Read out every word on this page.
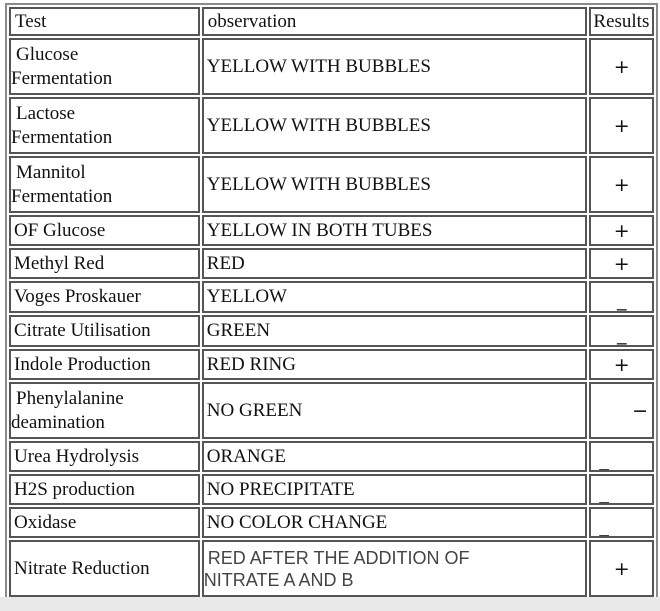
Test	observation	Results

Glucose
Fermentation	YELLOW WITH BUBBLES	+

Lactose
Fermentation	YELLOW WITH BUBBLES	+

Mannitol
Fermentation	YELLOW WITH BUBBLES	+
OF Glucose	YELLOW IN BOTH TUBES	+
Methyl Red	RED	+
Voges Proskauer	YELLOW	_
Citrate Utilisation	GREEN	_
Indole Production	RED RING	+

Phenylalanine
deamination	NO GREEN	−
Urea Hydrolysis	ORANGE	_
H2S production	NO PRECIPITATE	_
Oxidase	NO COLOR CHANGE	_
Nitrate Reduction	RED AFTER THE ADDITION OF
NITRATE A AND B	+
